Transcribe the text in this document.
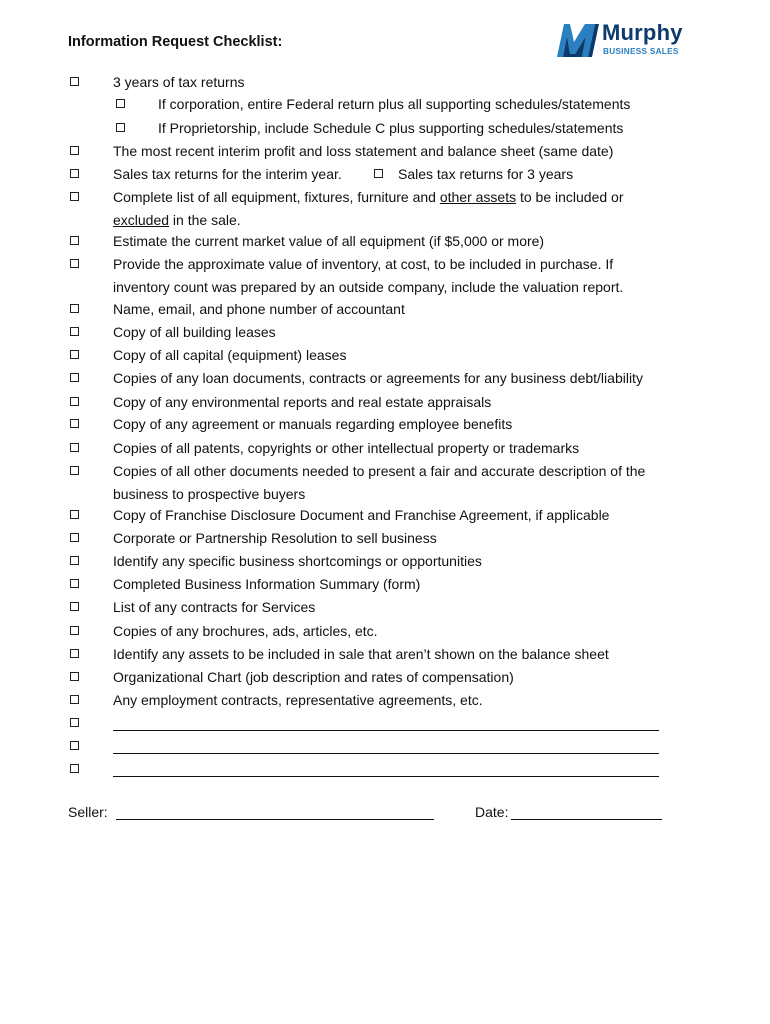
Information Request Checklist:	Murphy
BUSINESS SALES
3 years of tax returns
If corporation, entire Federal return plus all supporting schedules/statements
If Proprietorship, include Schedule C plus supporting schedules/statements
The most recent interim profit and loss statement and balance sheet (same date)
Sales tax returns for the interim year.	Sales tax returns for 3 years
Complete list of all equipment, fixtures, furniture and other assets to be included or
excluded in the sale.
Estimate the current market value of all equipment (if $5,000 or more)
Provide the approximate value of inventory, at cost, to be included in purchase. If
inventory count was prepared by an outside company, include the valuation report.
Name, email, and phone number of accountant
Copy of all building leases
Copy of all capital (equipment) leases
Copies of any loan documents, contracts or agreements for any business debt/liability
Copy of any environmental reports and real estate appraisals
Copy of any agreement or manuals regarding employee benefits
Copies of all patents, copyrights or other intellectual property or trademarks
Copies of all other documents needed to present a fair and accurate description of the
business to prospective buyers
Copy of Franchise Disclosure Document and Franchise Agreement, if applicable
Corporate or Partnership Resolution to sell business
Identify any specific business shortcomings or opportunities
Completed Business Information Summary (form)
List of any contracts for Services
Copies of any brochures, ads, articles, etc.
Identify any assets to be included in sale that aren’t shown on the balance sheet
Organizational Chart (job description and rates of compensation)
Any employment contracts, representative agreements, etc.
Seller:	Date:
